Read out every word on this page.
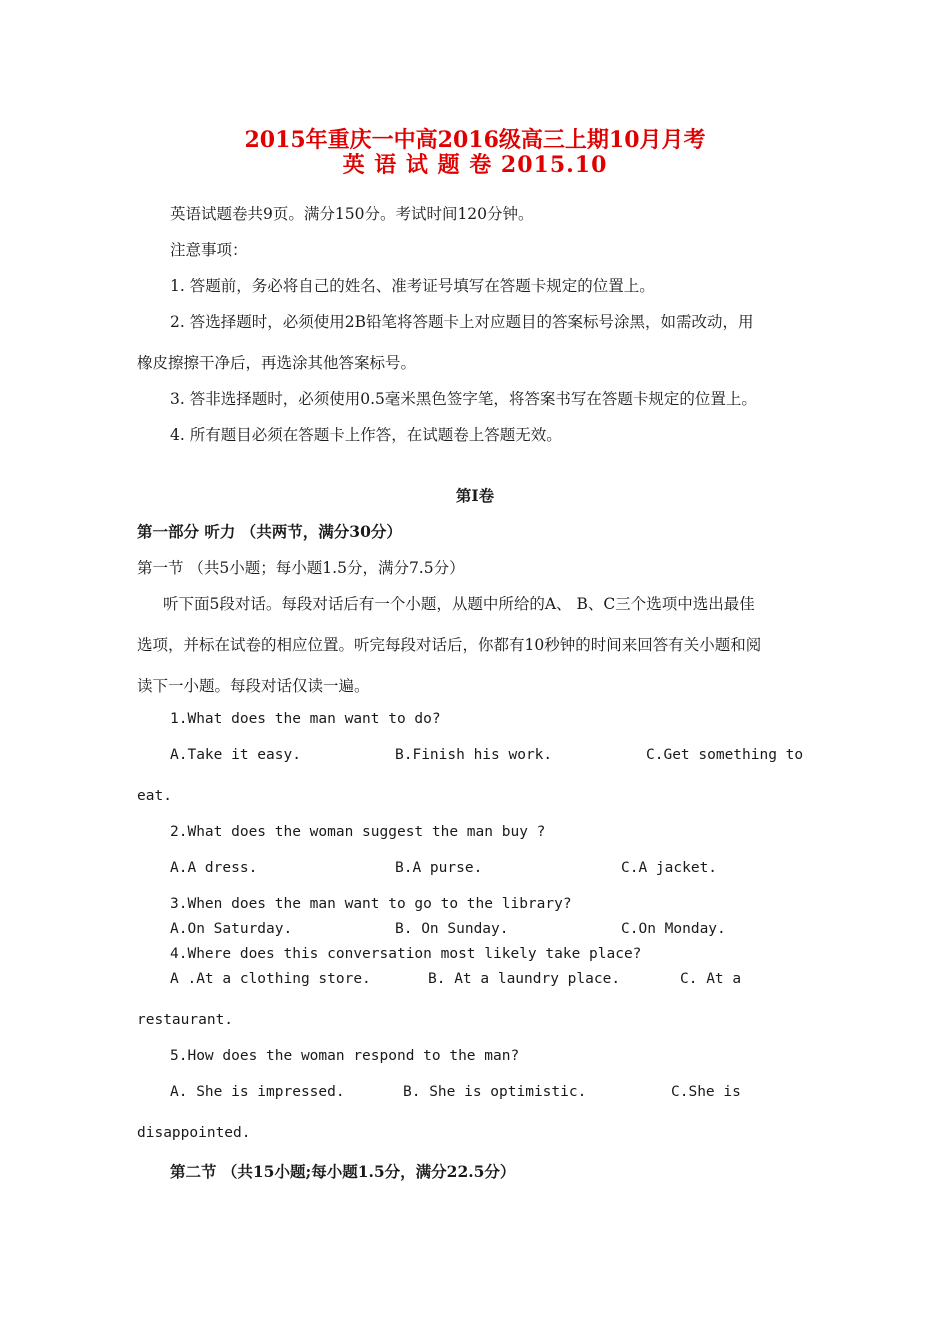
2015年重庆一中高2016级高三上期10月月考
英 语 试 题 卷 2015.10
英语试题卷共9页。满分150分。考试时间120分钟。
注意事项：
1. 答题前，务必将自己的姓名、准考证号填写在答题卡规定的位置上。
2. 答选择题时，必须使用2B铅笔将答题卡上对应题目的答案标号涂黑，如需改动，用
橡皮擦擦干净后，再选涂其他答案标号。
3. 答非选择题时，必须使用0.5毫米黑色签字笔，将答案书写在答题卡规定的位置上。
4. 所有题目必须在答题卡上作答，在试题卷上答题无效。
第I卷
第一部分 听力 （共两节，满分30分）
第一节 （共5小题；每小题1.5分，满分7.5分）
听下面5段对话。每段对话后有一个小题，从题中所给的A、 B、C三个选项中选出最佳
选项，并标在试卷的相应位置。听完每段对话后，你都有10秒钟的时间来回答有关小题和阅
读下一小题。每段对话仅读一遍。
1.What does the man want to do?
A.Take it easy.	B.Finish his work.	C.Get something to
eat.
2.What does the woman suggest the man buy ?
A.A dress.	B.A purse.	C.A jacket.
3.When does the man want to go to the library?
A.On Saturday.	B. On Sunday.	C.On Monday.
4.Where does this conversation most likely take place?
A .At a clothing store.	B. At a laundry place.	C. At a
restaurant.
5.How does the woman respond to the man?
A. She is impressed.	B. She is optimistic.	C.She is
disappointed.
第二节 （共15小题;每小题1.5分，满分22.5分）
